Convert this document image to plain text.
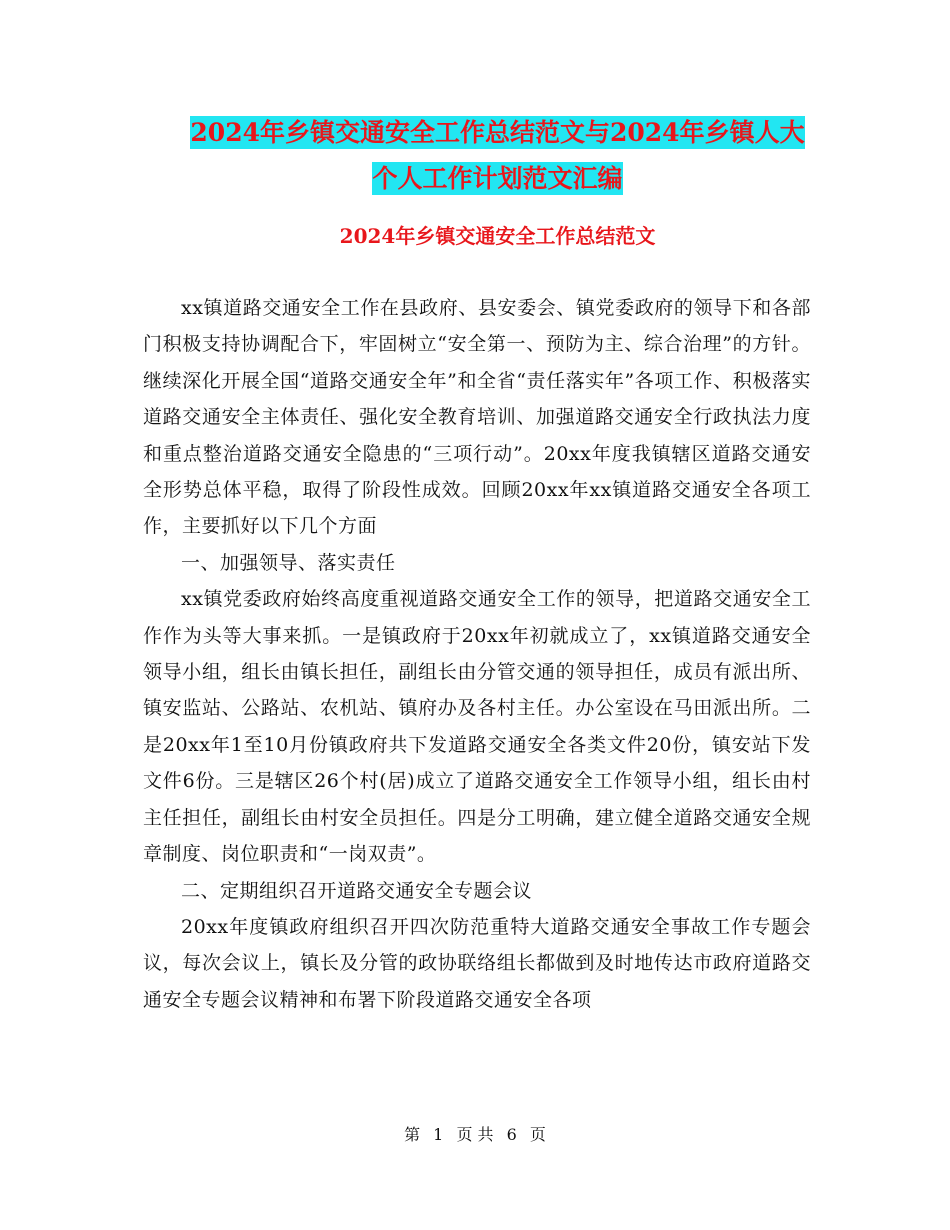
2024年乡镇交通安全工作总结范文与2024年乡镇人大
个人工作计划范文汇编
2024年乡镇交通安全工作总结范文

xx镇道路交通安全工作在县政府、县安委会、镇党委政府的领导下和各部门积极支持协调配合下，牢固树立“安全第一、预防为主、综合治理”的方针。继续深化开展全国“道路交通安全年”和全省“责任落实年”各项工作、积极落实道路交通安全主体责任、强化安全教育培训、加强道路交通安全行政执法力度和重点整治道路交通安全隐患的“三项行动”。20xx年度我镇辖区道路交通安全形势总体平稳，取得了阶段性成效。回顾20xx年xx镇道路交通安全各项工作，主要抓好以下几个方面

一、加强领导、落实责任

xx镇党委政府始终高度重视道路交通安全工作的领导，把道路交通安全工作作为头等大事来抓。一是镇政府于20xx年初就成立了，xx镇道路交通安全领导小组，组长由镇长担任，副组长由分管交通的领导担任，成员有派出所、镇安监站、公路站、农机站、镇府办及各村主任。办公室设在马田派出所。二是20xx年1至10月份镇政府共下发道路交通安全各类文件20份，镇安站下发文件6份。三是辖区26个村(居)成立了道路交通安全工作领导小组，组长由村主任担任，副组长由村安全员担任。四是分工明确，建立健全道路交通安全规章制度、岗位职责和“一岗双责”。

二、定期组织召开道路交通安全专题会议

20xx年度镇政府组织召开四次防范重特大道路交通安全事故工作专题会议，每次会议上，镇长及分管的政协联络组长都做到及时地传达市政府道路交通安全专题会议精神和布署下阶段道路交通安全各项

第 1 页 共 6 页
